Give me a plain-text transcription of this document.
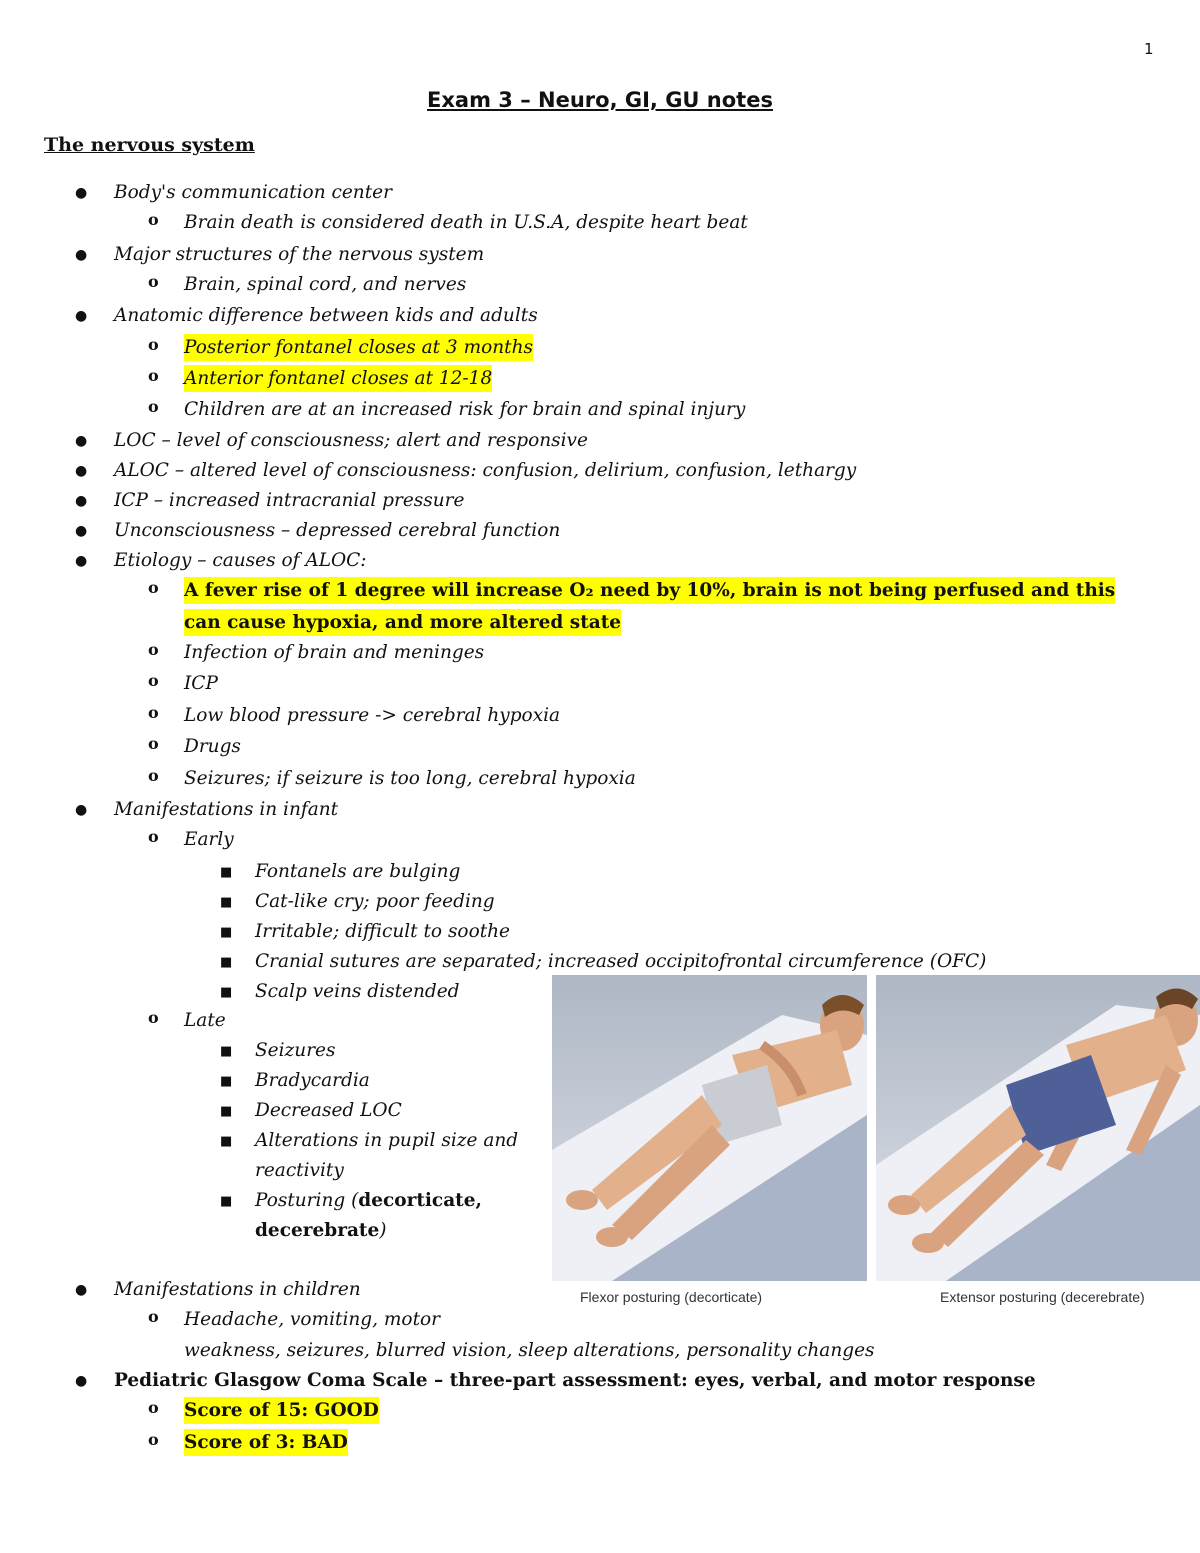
1
Exam 3 – Neuro, GI, GU notes
The nervous system
Body's communication center
●
Brain death is considered death in U.S.A, despite heart beat
o
Major structures of the nervous system
●
Brain, spinal cord, and nerves
o
Anatomic difference between kids and adults
●
Posterior fontanel closes at 3 months
o
Anterior fontanel closes at 12-18
o
Children are at an increased risk for brain and spinal injury
o
LOC – level of consciousness; alert and responsive
●
ALOC – altered level of consciousness: confusion, delirium, confusion, lethargy
●
ICP – increased intracranial pressure
●
Unconsciousness – depressed cerebral function
●
Etiology – causes of ALOC:
●
A fever rise of 1 degree will increase O₂ need by 10%, brain is not being perfused and this
o
can cause hypoxia, and more altered state
Infection of brain and meninges
o
ICP
o
Low blood pressure -> cerebral hypoxia
o
Drugs
o
Seizures; if seizure is too long, cerebral hypoxia
o
Manifestations in infant
●
Early
o
Fontanels are bulging
■
Cat-like cry; poor feeding
■
Irritable; difficult to soothe
■
Cranial sutures are separated; increased occipitofrontal circumference (OFC)
■
Scalp veins distended
■
Late
o
Seizures
■
Bradycardia
■
Decreased LOC
■
Alterations in pupil size and
■
reactivity
Posturing (decorticate,
■
decerebrate)
Manifestations in children
●
Headache, vomiting, motor
o
weakness, seizures, blurred vision, sleep alterations, personality changes
Pediatric Glasgow Coma Scale – three-part assessment: eyes, verbal, and motor response
●
Score of 15: GOOD
o
Score of 3: BAD
o
Flexor posturing (decorticate)	Extensor posturing (decerebrate)
